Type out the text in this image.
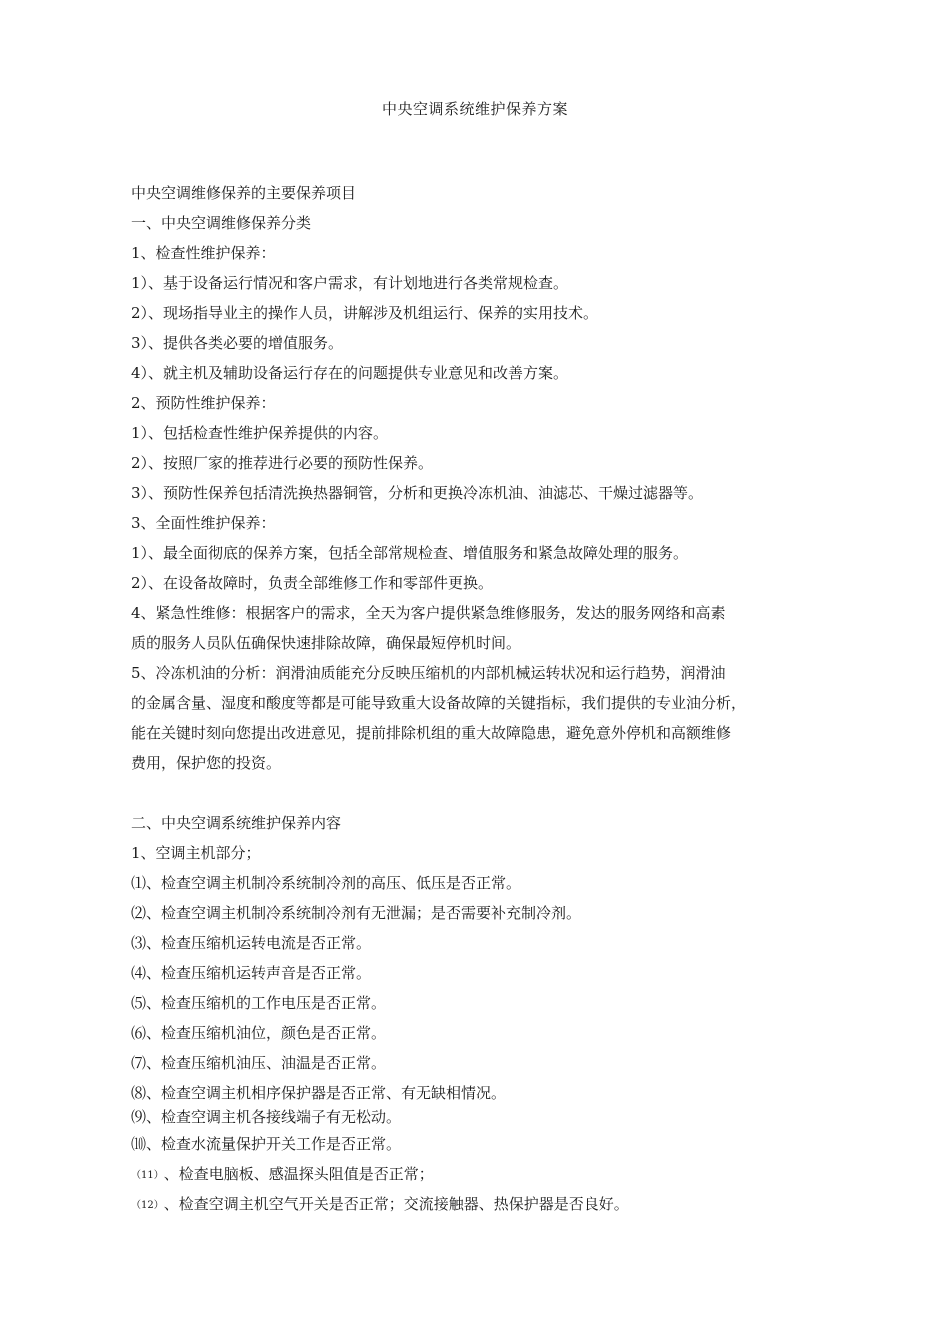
中央空调系统维护保养方案
中央空调维修保养的主要保养项目
一、中央空调维修保养分类
1、检查性维护保养：
1）、基于设备运行情况和客户需求，有计划地进行各类常规检查。
2）、现场指导业主的操作人员，讲解涉及机组运行、保养的实用技术。
3）、提供各类必要的增值服务。
4）、就主机及辅助设备运行存在的问题提供专业意见和改善方案。
2、预防性维护保养：
1）、包括检查性维护保养提供的内容。
2）、按照厂家的推荐进行必要的预防性保养。
3）、预防性保养包括清洗换热器铜管，分析和更换冷冻机油、油滤芯、干燥过滤器等。
3、全面性维护保养：
1）、最全面彻底的保养方案，包括全部常规检查、增值服务和紧急故障处理的服务。
2）、在设备故障时，负责全部维修工作和零部件更换。
4、紧急性维修：根据客户的需求，全天为客户提供紧急维修服务，发达的服务网络和高素
质的服务人员队伍确保快速排除故障，确保最短停机时间。
5、冷冻机油的分析：润滑油质能充分反映压缩机的内部机械运转状况和运行趋势，润滑油
的金属含量、湿度和酸度等都是可能导致重大设备故障的关键指标，我们提供的专业油分析，
能在关键时刻向您提出改进意见，提前排除机组的重大故障隐患，避免意外停机和高额维修
费用，保护您的投资。
二、中央空调系统维护保养内容
1、空调主机部分；
⑴、检查空调主机制冷系统制冷剂的高压、低压是否正常。
⑵、检查空调主机制冷系统制冷剂有无泄漏；是否需要补充制冷剂。
⑶、检查压缩机运转电流是否正常。
⑷、检查压缩机运转声音是否正常。
⑸、检查压缩机的工作电压是否正常。
⑹、检查压缩机油位，颜色是否正常。
⑺、检查压缩机油压、油温是否正常。
⑻、检查空调主机相序保护器是否正常、有无缺相情况。
⑼、检查空调主机各接线端子有无松动。
⑽、检查水流量保护开关工作是否正常。
（11）、检查电脑板、感温探头阻值是否正常；
（12）、检查空调主机空气开关是否正常；交流接触器、热保护器是否良好。
